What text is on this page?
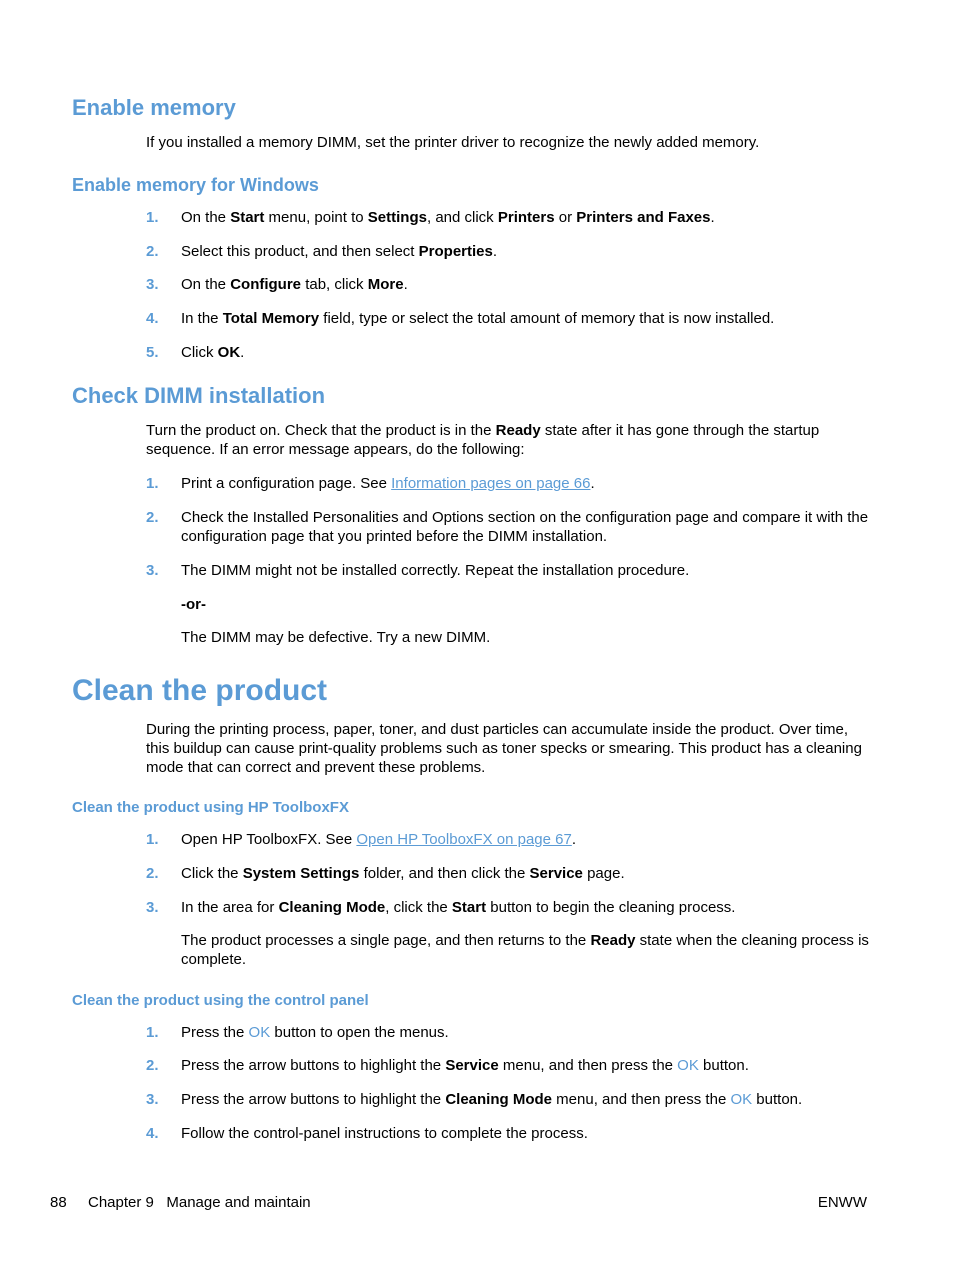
Enable memory
If you installed a memory DIMM, set the printer driver to recognize the newly added memory.
Enable memory for Windows
1. On the Start menu, point to Settings, and click Printers or Printers and Faxes.
2. Select this product, and then select Properties.
3. On the Configure tab, click More.
4. In the Total Memory field, type or select the total amount of memory that is now installed.
5. Click OK.
Check DIMM installation
Turn the product on. Check that the product is in the Ready state after it has gone through the startup sequence. If an error message appears, do the following:
1. Print a configuration page. See Information pages on page 66.
2. Check the Installed Personalities and Options section on the configuration page and compare it with the configuration page that you printed before the DIMM installation.
3. The DIMM might not be installed correctly. Repeat the installation procedure.
-or-
The DIMM may be defective. Try a new DIMM.
Clean the product
During the printing process, paper, toner, and dust particles can accumulate inside the product. Over time, this buildup can cause print-quality problems such as toner specks or smearing. This product has a cleaning mode that can correct and prevent these problems.
Clean the product using HP ToolboxFX
1. Open HP ToolboxFX. See Open HP ToolboxFX on page 67.
2. Click the System Settings folder, and then click the Service page.
3. In the area for Cleaning Mode, click the Start button to begin the cleaning process.
The product processes a single page, and then returns to the Ready state when the cleaning process is complete.
Clean the product using the control panel
1. Press the OK button to open the menus.
2. Press the arrow buttons to highlight the Service menu, and then press the OK button.
3. Press the arrow buttons to highlight the Cleaning Mode menu, and then press the OK button.
4. Follow the control-panel instructions to complete the process.
88 Chapter 9   Manage and maintain	ENWW
